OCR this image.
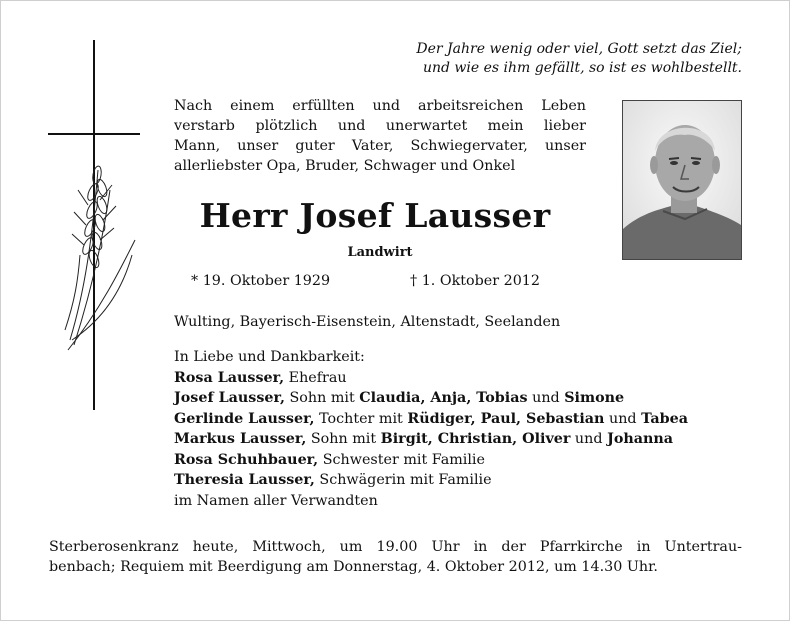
Der Jahre wenig oder viel, Gott setzt das Ziel;
und wie es ihm gefällt, so ist es wohlbestellt.
Nach einem erfüllten und arbeitsreichen Leben
verstarb plötzlich und unerwartet mein lieber
Mann, unser guter Vater, Schwiegervater, unser
allerliebster Opa, Bruder, Schwager und Onkel
Herr Josef Lausser
Landwirt
* 19. Oktober 1929	† 1. Oktober 2012
Wulting, Bayerisch-Eisenstein, Altenstadt, Seelanden
In Liebe und Dankbarkeit:
Rosa Lausser, Ehefrau
Josef Lausser, Sohn mit Claudia, Anja, Tobias und Simone
Gerlinde Lausser, Tochter mit Rüdiger, Paul, Sebastian und Tabea
Markus Lausser, Sohn mit Birgit, Christian, Oliver und Johanna
Rosa Schuhbauer, Schwester mit Familie
Theresia Lausser, Schwägerin mit Familie
im Namen aller Verwandten
Sterberosenkranz heute, Mittwoch, um 19.00 Uhr in der Pfarrkirche in Untertrau-
benbach; Requiem mit Beerdigung am Donnerstag, 4. Oktober 2012, um 14.30 Uhr.
